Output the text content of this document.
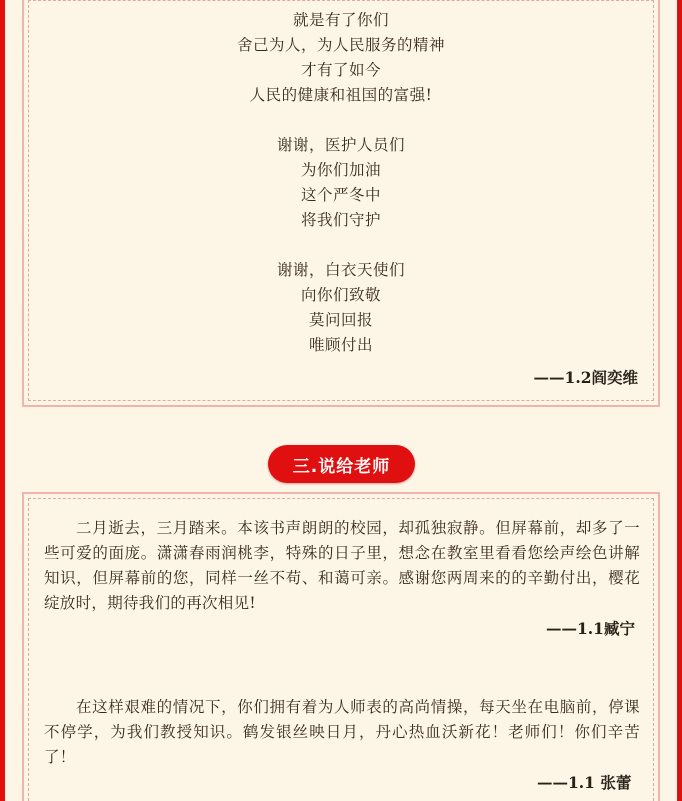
就是有了你们
舍己为人，为人民服务的精神
才有了如今
人民的健康和祖国的富强!
谢谢，医护人员们
为你们加油
这个严冬中
将我们守护
谢谢，白衣天使们
向你们致敬
莫问回报
唯顾付出
——1.2阎奕维
三.说给老师
二月逝去，三月踏来。本该书声朗朗的校园，却孤独寂静。但屏幕前，却多了一些可爱的面庞。潇潇春雨润桃李，特殊的日子里，想念在教室里看看您绘声绘色讲解知识，但屏幕前的您，同样一丝不苟、和蔼可亲。感谢您两周来的的辛勤付出，樱花绽放时，期待我们的再次相见!
——1.1臧宁
在这样艰难的情况下，你们拥有着为人师表的高尚情操，每天坐在电脑前，停课不停学，为我们教授知识。鹤发银丝映日月，丹心热血沃新花！老师们！你们辛苦了！
——1.1 张蕾
